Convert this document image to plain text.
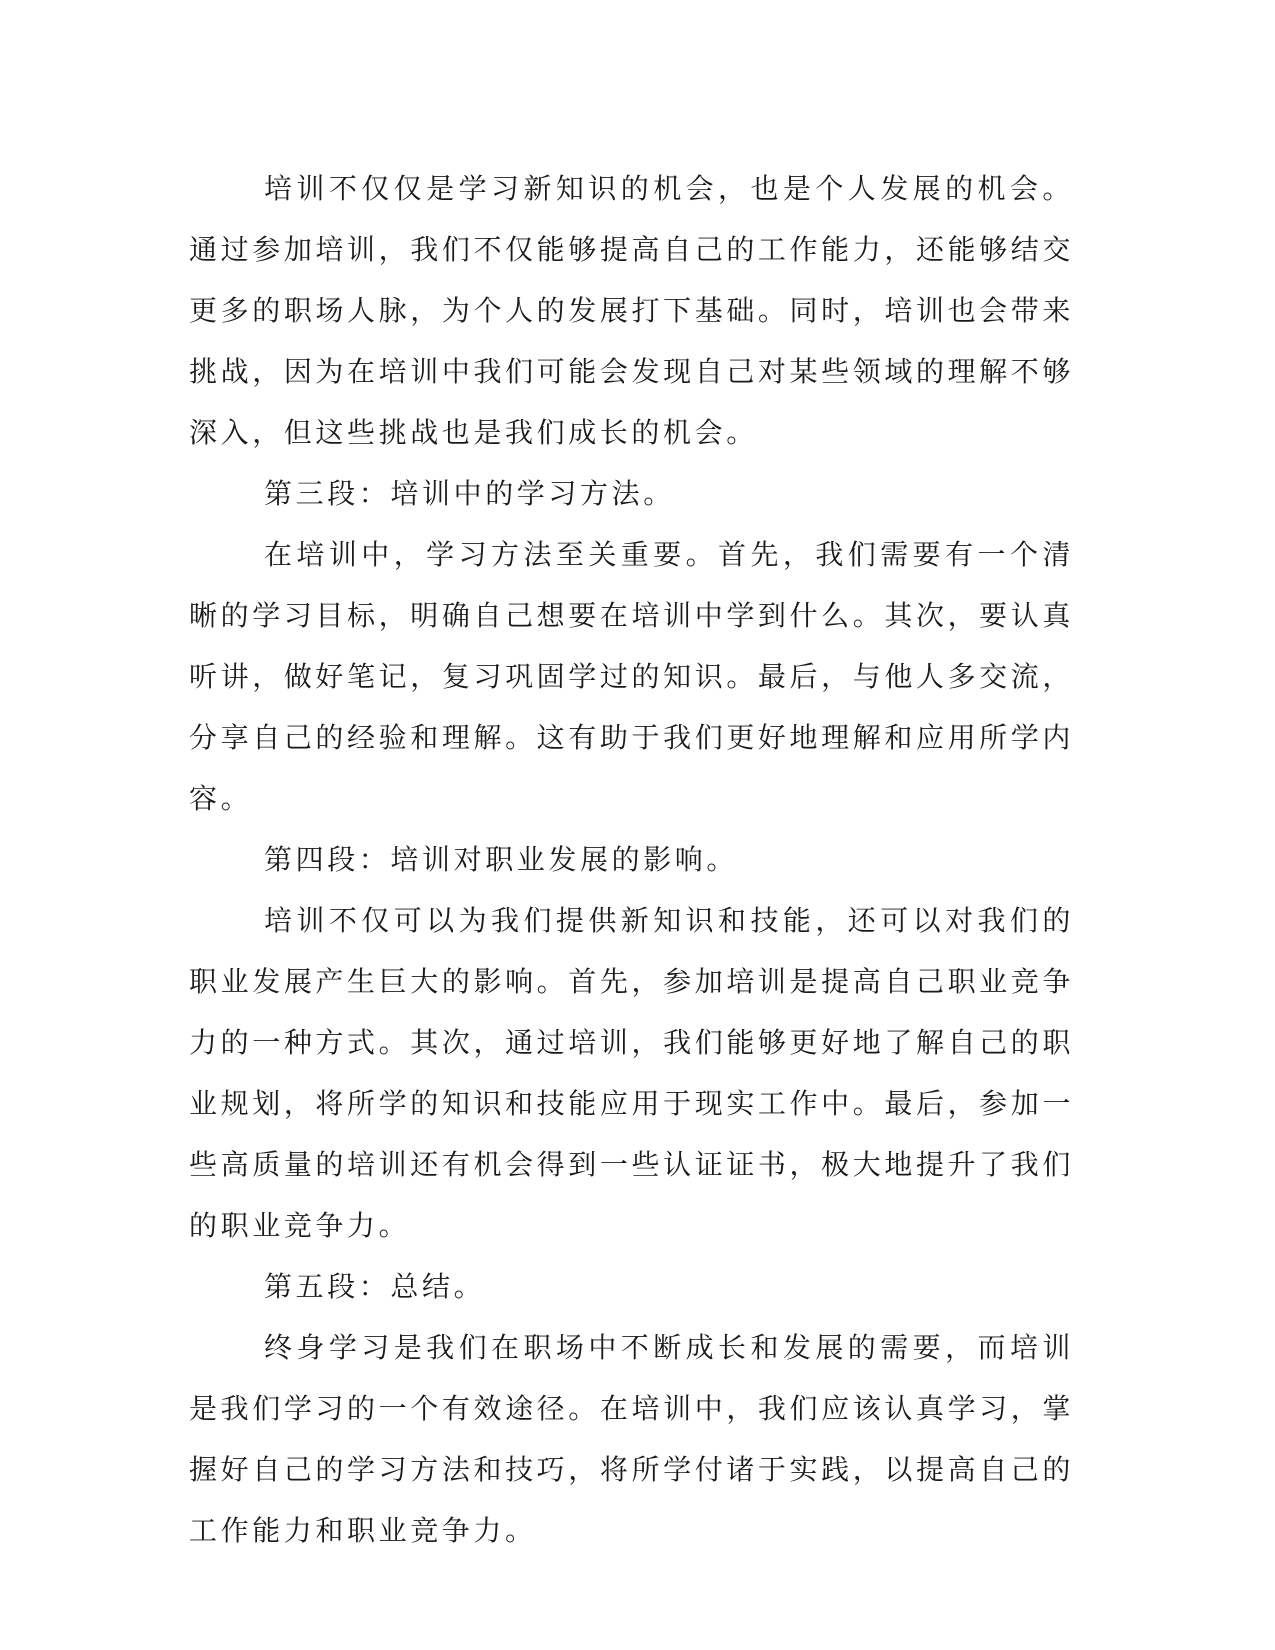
培训不仅仅是学习新知识的机会，也是个人发展的机会。通过参加培训，我们不仅能够提高自己的工作能力，还能够结交更多的职场人脉，为个人的发展打下基础。同时，培训也会带来挑战，因为在培训中我们可能会发现自己对某些领域的理解不够深入，但这些挑战也是我们成长的机会。

第三段：培训中的学习方法。

在培训中，学习方法至关重要。首先，我们需要有一个清晰的学习目标，明确自己想要在培训中学到什么。其次，要认真听讲，做好笔记，复习巩固学过的知识。最后，与他人多交流，分享自己的经验和理解。这有助于我们更好地理解和应用所学内容。

第四段：培训对职业发展的影响。

培训不仅可以为我们提供新知识和技能，还可以对我们的职业发展产生巨大的影响。首先，参加培训是提高自己职业竞争力的一种方式。其次，通过培训，我们能够更好地了解自己的职业规划，将所学的知识和技能应用于现实工作中。最后，参加一些高质量的培训还有机会得到一些认证证书，极大地提升了我们的职业竞争力。

第五段：总结。

终身学习是我们在职场中不断成长和发展的需要，而培训是我们学习的一个有效途径。在培训中，我们应该认真学习，掌握好自己的学习方法和技巧，将所学付诸于实践，以提高自己的工作能力和职业竞争力。
